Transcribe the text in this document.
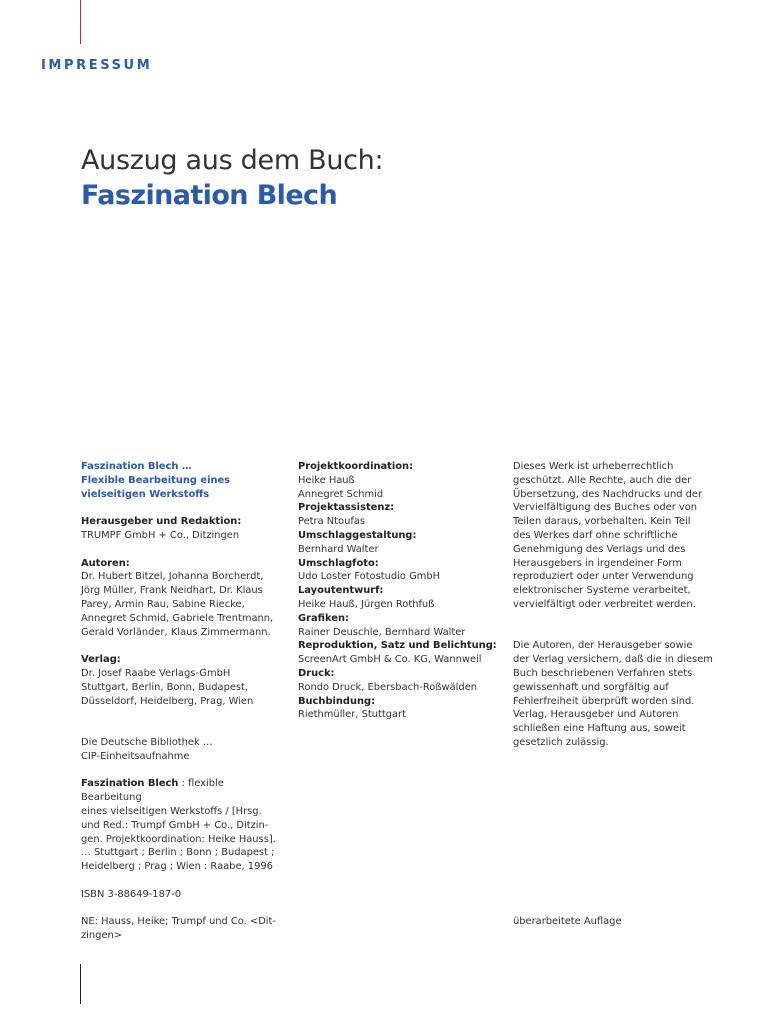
IMPRESSUM
Auszug aus dem Buch:
Faszination Blech

Faszination Blech …

Flexible Bearbeitung eines

vielseitigen Werkstoffs

Herausgeber und Redaktion:

TRUMPF GmbH + Co., Ditzingen

Autoren:

Dr. Hubert Bitzel, Johanna Borcherdt,
Jörg Müller, Frank Neidhart, Dr. Klaus
Parey, Armin Rau, Sabine Riecke,
Annegret Schmid, Gabriele Trentmann,
Gerald Vorländer, Klaus Zimmermann.

Verlag:

Dr. Josef Raabe Verlags-GmbH

Stuttgart, Berlin, Bonn, Budapest,

Düsseldorf, Heidelberg, Prag, Wien

Die Deutsche Bibliothek …

CIP-Einheitsaufnahme

Faszination Blech : flexible Bearbeitung

eines vielseitigen Werkstoffs / [Hrsg.

und Red.: Trumpf GmbH + Co., Ditzin-

gen. Projektkoordination: Heike Hauss].

… Stuttgart ; Berlin ; Bonn ; Budapest ;

Heidelberg ; Prag ; Wien : Raabe, 1996

ISBN 3-88649-187-0

NE: Hauss, Heike; Trumpf und Co. <Dit-

zingen>

Projektkoordination:

Heike Hauß

Annegret Schmid

Projektassistenz:

Petra Ntoufas

Umschlaggestaltung:

Bernhard Walter

Umschlagfoto:

Udo Loster Fotostudio GmbH

Layoutentwurf:

Heike Hauß, Jürgen Rothfuß

Grafiken:

Rainer Deuschle, Bernhard Walter

Reproduktion, Satz und Belichtung:

ScreenArt GmbH & Co. KG, Wannweil

Druck:

Rondo Druck, Ebersbach-Roßwälden

Buchbindung:

Riethmüller, Stuttgart

Dieses Werk ist urheberrechtlich

geschützt. Alle Rechte, auch die der

Übersetzung, des Nachdrucks und der

Vervielfältigung des Buches oder von

Teilen daraus, vorbehalten. Kein Teil

des Werkes darf ohne schriftliche

Genehmigung des Verlags und des

Herausgebers in irgendeiner Form

reproduziert oder unter Verwendung

elektronischer Systeme verarbeitet,

vervielfältigt oder verbreitet werden.

Die Autoren, der Herausgeber sowie

der Verlag versichern, daß die in diesem

Buch beschriebenen Verfahren stets

gewissenhaft und sorgfältig auf

Fehlerfreiheit überprüft worden sind.

Verlag, Herausgeber und Autoren

schließen eine Haftung aus, soweit

gesetzlich zulässig.

überarbeitete Auflage
